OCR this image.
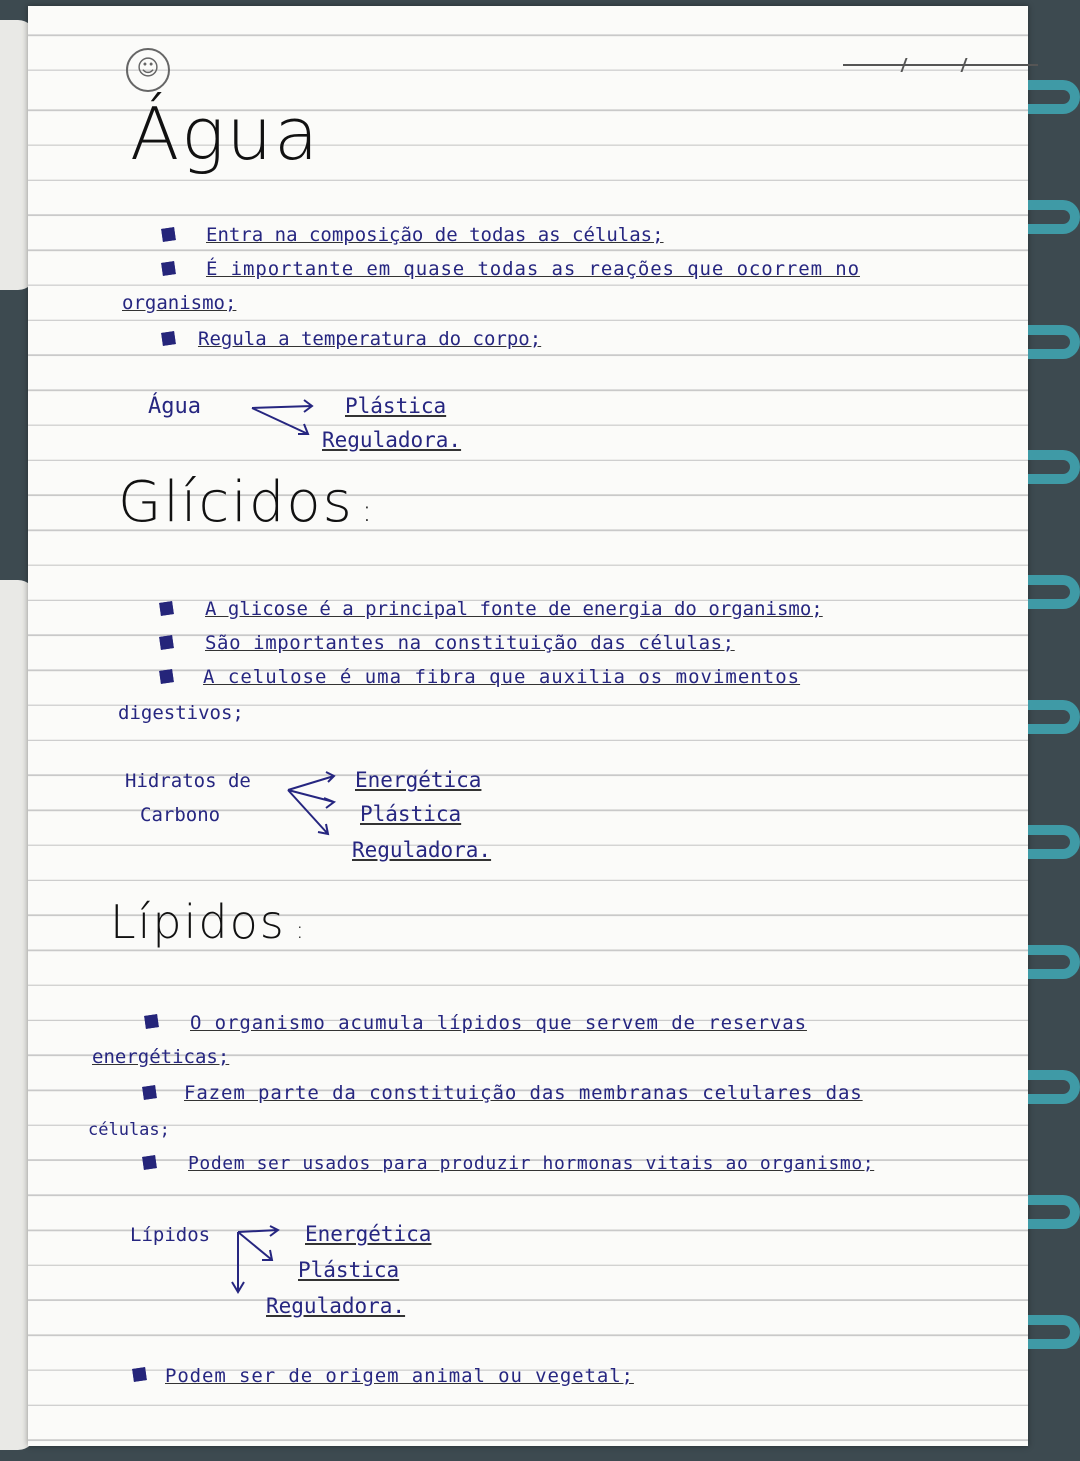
☺
Água
Entra na composição de todas as células;
É importante em quase todas as reações que ocorrem no
organismo;
Regula a temperatura do corpo;
Água	Plástica
Reguladora.
Glícidos :
A glicose é a principal fonte de energia do organismo;
São importantes na constituição das células;
A celulose é uma fibra que auxilia os movimentos
digestivos;
Hidratos de
Carbono
Energética
Plástica
Reguladora.
Lípidos :
O organismo acumula lípidos que servem de reservas
energéticas;
Fazem parte da constituição das membranas celulares das
células;
Podem ser usados para produzir hormonas vitais ao organismo;
Lípidos	Energética
Plástica
Reguladora.
Podem ser de origem animal ou vegetal;
